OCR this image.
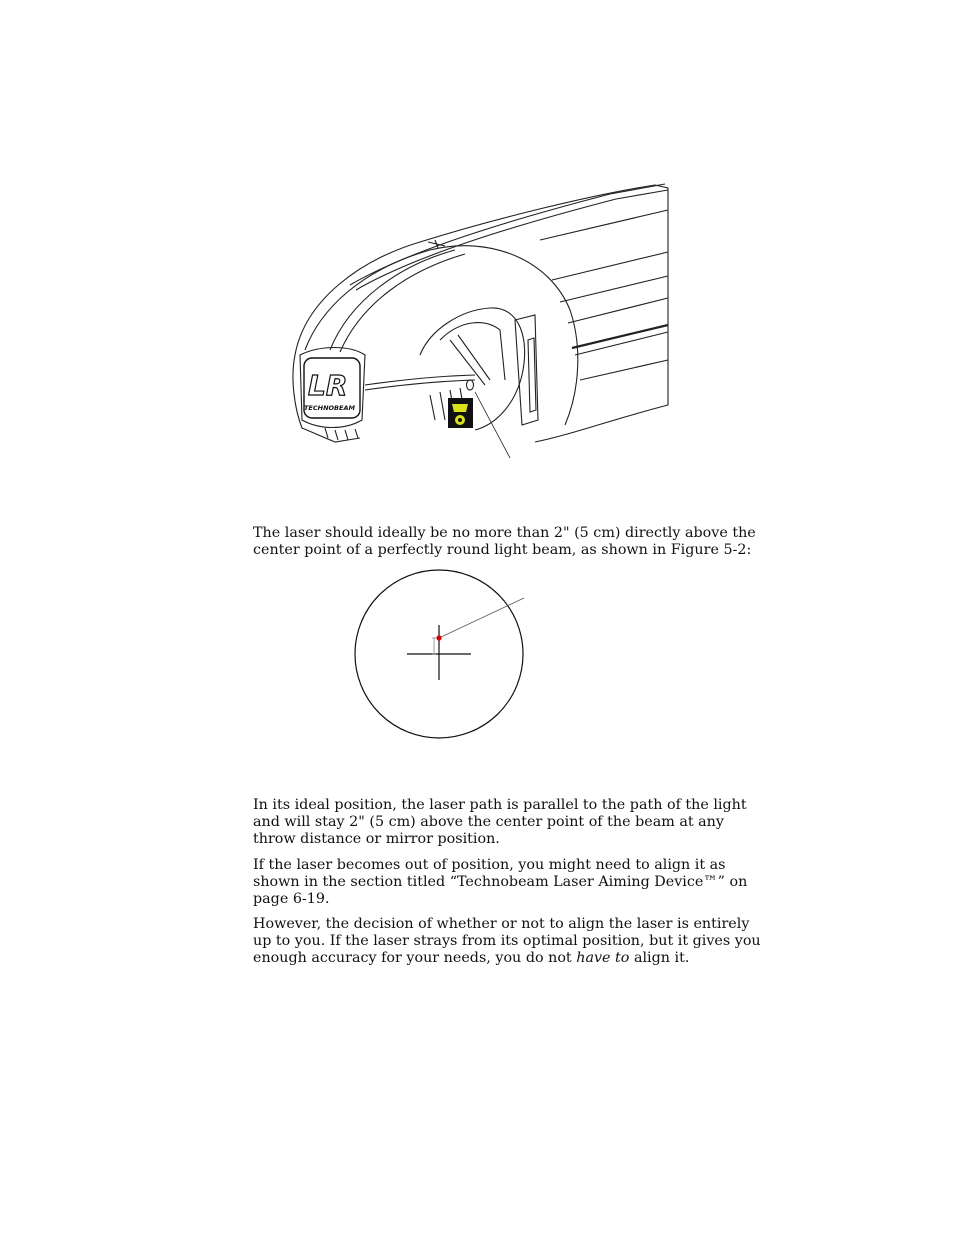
LR
TECHNOBEAM

The laser should ideally be no more than 2" (5 cm) directly above the center point of a perfectly round light beam, as shown in Figure 5-2:

In its ideal position, the laser path is parallel to the path of the light and will stay 2" (5 cm) above the center point of the beam at any throw distance or mirror position.

If the laser becomes out of position, you might need to align it as shown in the section titled “Technobeam Laser Aiming Device™” on page 6-19.

However, the decision of whether or not to align the laser is entirely up to you. If the laser strays from its optimal position, but it gives you enough accuracy for your needs, you do not have to align it.
